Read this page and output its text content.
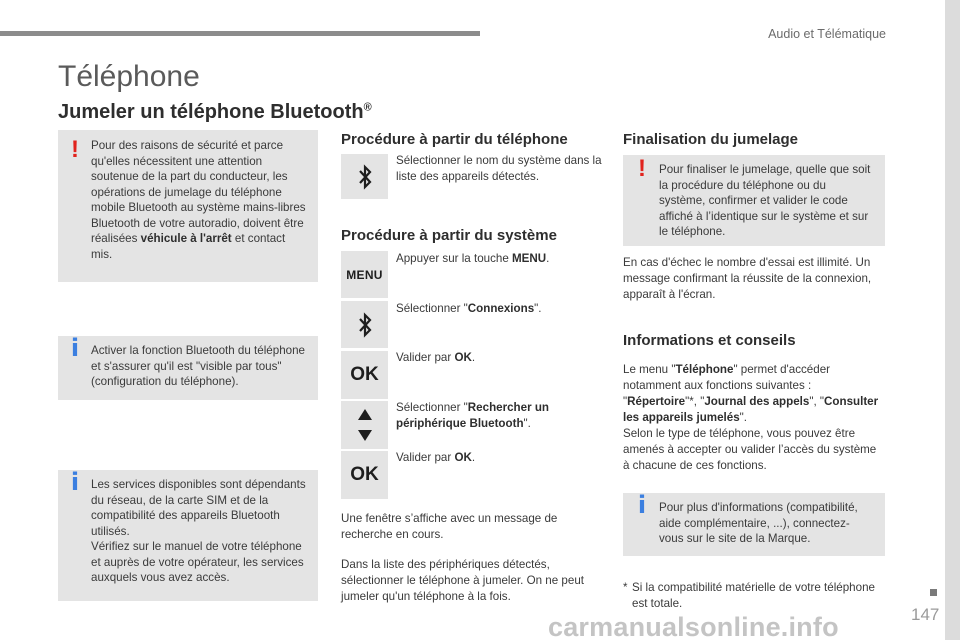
Audio et Télématique
147
Téléphone
Jumeler un téléphone Bluetooth®
! Pour des raisons de sécurité et parce qu'elles nécessitent une attention soutenue de la part du conducteur, les opérations de jumelage du téléphone mobile Bluetooth au système mains-libres Bluetooth de votre autoradio, doivent être réalisées véhicule à l'arrêt et contact mis.

i Activer la fonction Bluetooth du téléphone et s'assurer qu'il est "visible par tous" (configuration du téléphone).

i Les services disponibles sont dépendants du réseau, de la carte SIM et de la compatibilité des appareils Bluetooth utilisés.

Vérifiez sur le manuel de votre téléphone et auprès de votre opérateur, les services auxquels vous avez accès.

Procédure à partir du téléphone
Sélectionner le nom du système dans la liste des appareils détectés.
Procédure à partir du système
MENU
Appuyer sur la touche MENU.
Sélectionner "Connexions".
OK
Valider par OK.
Sélectionner "Rechercher un périphérique Bluetooth".
OK
Valider par OK.
Une fenêtre s’affiche avec un message de recherche en cours.
Dans la liste des périphériques détectés, sélectionner le téléphone à jumeler. On ne peut jumeler qu'un téléphone à la fois.
Finalisation du jumelage
! Pour finaliser le jumelage, quelle que soit la procédure du téléphone ou du système, confirmer et valider le code affiché à l’identique sur le système et sur le téléphone.

En cas d'échec le nombre d'essai est illimité. Un message confirmant la réussite de la connexion, apparaît à l'écran.
Informations et conseils

Le menu "Téléphone" permet d'accéder notamment aux fonctions suivantes : "Répertoire"*, "Journal des appels", "Consulter les appareils jumelés".

Selon le type de téléphone, vous pouvez être amenés à accepter ou valider l’accès du système à chacune de ces fonctions.

i Pour plus d'informations (compatibilité, aide complémentaire, ...), connectez-vous sur le site de la Marque.

* Si la compatibilité matérielle de votre téléphone est totale.
carmanualsonline.info
